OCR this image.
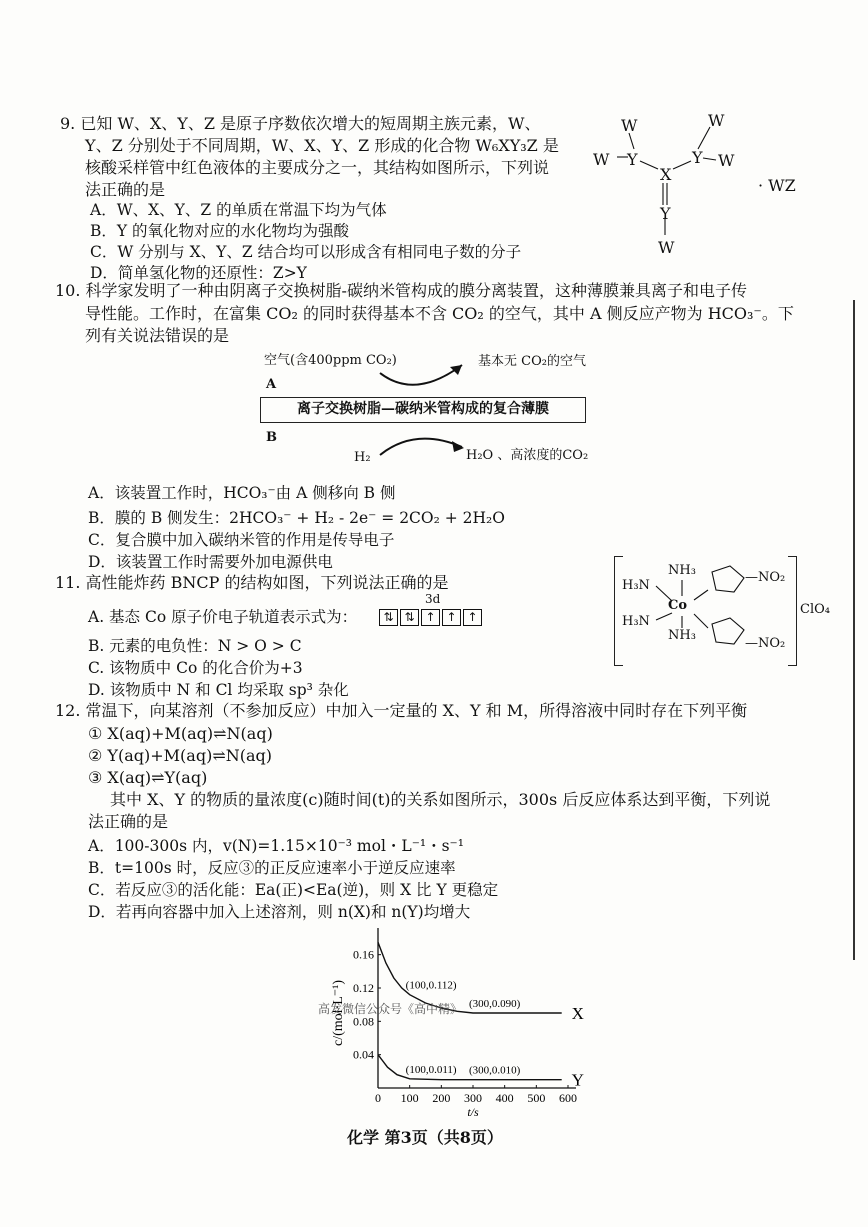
9. 已知 W、X、Y、Z 是原子序数依次增大的短周期主族元素，W、
Y、Z 分别处于不同周期，W、X、Y、Z 形成的化合物 W₆XY₃Z 是
核酸采样管中红色液体的主要成分之一，其结构如图所示，下列说
法正确的是
A．W、X、Y、Z 的单质在常温下均为气体
B．Y 的氧化物对应的水化物均为强酸
C．W 分别与 X、Y、Z 结合均可以形成含有相同电子数的分子
D．简单氢化物的还原性：Z>Y
W	W
W Y	Y W
X
Y
W
· WZ
10. 科学家发明了一种由阴离子交换树脂-碳纳米管构成的膜分离装置，这种薄膜兼具离子和电子传
导性能。工作时，在富集 CO₂ 的同时获得基本不含 CO₂ 的空气，其中 A 侧反应产物为 HCO₃⁻。下
列有关说法错误的是
空气(含400ppm CO₂)	基本无 CO₂的空气
A
离子交换树脂—碳纳米管构成的复合薄膜
B
H₂	H₂O 、高浓度的CO₂
A．该装置工作时，HCO₃⁻由 A 侧移向 B 侧
B．膜的 B 侧发生：2HCO₃⁻ + H₂ - 2e⁻ = 2CO₂ + 2H₂O
C．复合膜中加入碳纳米管的作用是传导电子
D．该装置工作时需要外加电源供电
11. 高性能炸药 BNCP 的结构如图，下列说法正确的是
3d
A. 基态 Co 原子价电子轨道表示式为：	⇅ ⇅ ↑ ↑ ↑
B. 元素的电负性：N > O > C
C. 该物质中 Co 的化合价为+3
D. 该物质中 N 和 Cl 均采取 sp³ 杂化
H₃N
NH₃
Co
H₃N
NH₃
—NO₂
—NO₂
ClO₄
12. 常温下，向某溶剂（不参加反应）中加入一定量的 X、Y 和 M，所得溶液中同时存在下列平衡
① X(aq)+M(aq)⇌N(aq)
② Y(aq)+M(aq)⇌N(aq)
③ X(aq)⇌Y(aq)
其中 X、Y 的物质的量浓度(c)随时间(t)的关系如图所示，300s 后反应体系达到平衡，下列说
法正确的是
A．100-300s 内，v(N)=1.15×10⁻³ mol・L⁻¹・s⁻¹
B．t=100s 时，反应③的正反应速率小于逆反应速率
C．若反应③的活化能：Ea(正)<Ea(逆)，则 X 比 Y 更稳定
D．若再向容器中加入上述溶剂，则 n(X)和 n(Y)均增大
0 100 200 300 400 500 600
0.04
0.08
0.12
0.16
t/s
c/(mol·L⁻¹)	X
Y
(100,0.112)
(300,0.090)
(100,0.011) (300,0.010)
高发微信公众号《高中精》
化学 第3页（共8页）
